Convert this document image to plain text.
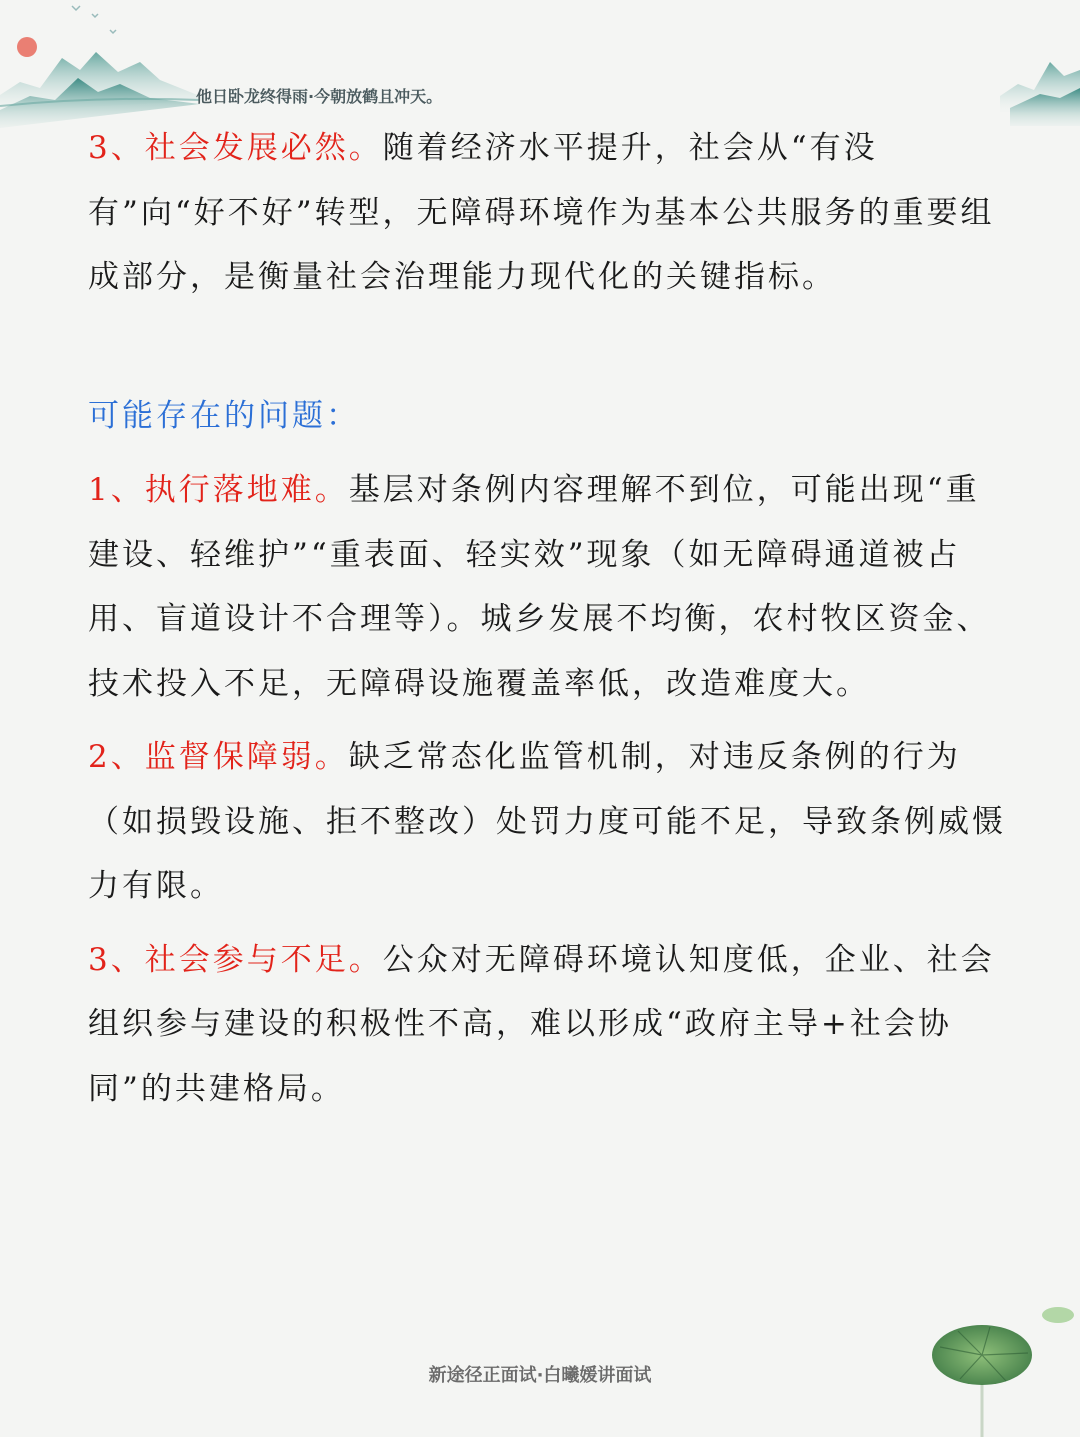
他日卧龙终得雨·今朝放鹤且冲天。

3、社会发展必然。随着经济水平提升，社会从“有没有”向“好不好”转型，无障碍环境作为基本公共服务的重要组成部分，是衡量社会治理能力现代化的关键指标。

可能存在的问题：

1、执行落地难。基层对条例内容理解不到位，可能出现“重建设、轻维护”“重表面、轻实效”现象（如无障碍通道被占用、盲道设计不合理等）。城乡发展不均衡，农村牧区资金、技术投入不足，无障碍设施覆盖率低，改造难度大。

2、监督保障弱。缺乏常态化监管机制，对违反条例的行为（如损毁设施、拒不整改）处罚力度可能不足，导致条例威慑力有限。

3、社会参与不足。公众对无障碍环境认知度低，企业、社会组织参与建设的积极性不高，难以形成“政府主导+社会协同”的共建格局。

新途径正面试·白曦媛讲面试
